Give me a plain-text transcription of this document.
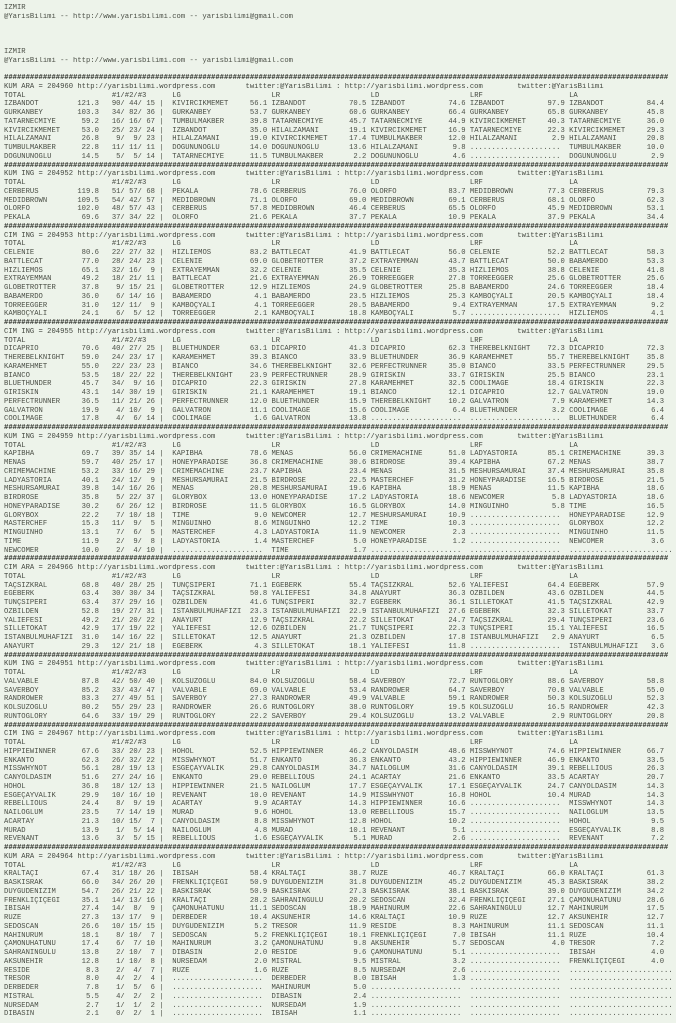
IZMIR
@YarisBilimi -- http://www.yarisbilimi.com -- yarisbilimi@gmail.com
IZMIR
@YarisBilimi -- http://www.yarisbilimi.com -- yarisbilimi@gmail.com
##########################################################################################################################################################
KUM ARA = 204960 http://yarisbilimi.wordpress.com       twitter:@YarisBilimi : http://yarisbilimi.wordpress.com        twitter:@YarisBilimi
TOTAL                    #1/#2/#3      LG                     LR                     LD                     LRF                    LA
IZBANDOT         121.3   90/ 44/ 15 |  KIVIRCIKMEMET     56.1 IZBANDOT          70.5 IZBANDOT          74.6 IZBANDOT          97.9 IZBANDOT          84.4
GÜRKANBEY        103.3   34/ 82/ 36 |  GÜRKANBEY         53.7 GÜRKANBEY         60.6 GÜRKANBEY         66.4 GÜRKANBEY         65.8 GÜRKANBEY         45.8
TATARNECMIYE      59.2   16/ 16/ 67 |  TUMBULMAKBER      39.8 TATARNECMIYE      45.7 TATARNECMIYE      44.9 KIVIRCIKMEMET     40.3 TATARNECMIYE      36.0
KIVIRCIKMEMET     53.0   25/ 23/ 24 |  IZBANDOT          35.0 HILALZAMANI       19.1 KIVIRCIKMEMET     16.9 TATARNECMIYE      22.3 KIVIRCIKMEMET     29.3
HILALZAMANI       26.8    9/  9/ 23 |  HILALZAMANI       19.0 KIVIRCIKMEMET     17.4 TUMBULMAKBER      12.0 HILALZAMANI        2.9 HILALZAMANI       20.8
TUMBULMAKBER      22.8   11/ 11/ 11 |  DOGUNUNOGLU       14.0 DOGUNUNOGLU       13.6 HILALZAMANI        9.8 .....................  TUMBULMAKBER      10.0
DOGUNUNOGLU       14.5    5/  5/ 14 |  TATARNECMIYE      11.5 TUMBULMAKBER       2.2 DOGUNUNOGLU        4.6 .....................  DOGUNUNOGLU        2.9
##########################################################################################################################################################
KUM ING = 204952 http://yarisbilimi.wordpress.com       twitter:@YarisBilimi : http://yarisbilimi.wordpress.com        twitter:@YarisBilimi
TOTAL                    #1/#2/#3      LG                     LR                     LD                     LRF                    LA
CERBERUS         119.8   51/ 57/ 68 |  PEKALA            78.6 CERBERUS          76.0 OLORFO            83.7 MEDIDBROWN        77.3 CERBERUS          79.3
MEDIDBROWN       109.5   54/ 42/ 57 |  MEDIDBROWN        71.1 OLORFO            69.0 MEDIDBROWN        69.1 CERBERUS          68.1 OLORFO            62.3
OLORFO           102.0   48/ 57/ 43 |  CERBERUS          57.8 MEDIDBROWN        46.4 CERBERUS          65.5 OLORFO            45.9 MEDIDBROWN        53.1
PEKALA            69.6   37/ 34/ 22 |  OLORFO            21.6 PEKALA            37.7 PEKALA            10.9 PEKALA            37.9 PEKALA            34.4
##########################################################################################################################################################
CIM ING = 204953 http://yarisbilimi.wordpress.com       twitter:@YarisBilimi : http://yarisbilimi.wordpress.com        twitter:@YarisBilimi
TOTAL                    #1/#2/#3      LG                     LR                     LD                     LRF                    LA
CELENIE           80.6   22/ 27/ 32 |  HIZLIEMOS         83.2 BATTLECAT         41.9 BATTLECAT         56.0 CELENIE           52.2 BATTLECAT         58.3
BATTLECAT         77.0   28/ 24/ 23 |  CELENIE           69.0 GLOBETROTTER      37.2 EXTRAYEMMAN       43.7 BATTLECAT         50.0 BABAMERDO         53.3
HIZLIEMOS         65.1   32/ 16/  9 |  EXTRAYEMMAN       32.2 CELENIE           35.5 CELENIE           35.3 HIZLIEMOS         38.8 CELENIE           41.8
EXTRAYEMMAN       49.2   18/ 21/ 11 |  BATTLECAT         21.6 EXTRAYEMMAN       26.9 TORREEGGER        27.8 TORREEGGER        25.6 GLOBETROTTER      25.6
GLOBETROTTER      37.8    9/ 15/ 21 |  GLOBETROTTER      12.9 HIZLIEMOS         24.9 GLOBETROTTER      25.8 BABAMERDO         24.6 TORREEGGER        18.4
BABAMERDO         36.0    6/ 14/ 16 |  BABAMERDO          4.1 BABAMERDO         23.5 HIZLIEMOS         25.3 KAMBOÇYALI        20.5 KAMBOÇYALI        18.4
TORREEGGER        31.0   12/ 11/  9 |  KAMBOÇYALI         4.1 TORREEGGER        20.5 BABAMERDO          9.4 EXTRAYEMMAN       17.5 EXTRAYEMMAN        9.2
KAMBOÇYALI        24.1    6/  5/ 12 |  TORREEGGER         2.1 KAMBOÇYALI        18.8 KAMBOÇYALI         5.7 .....................  HIZLIEMOS          4.1
##########################################################################################################################################################
CIM ING = 204955 http://yarisbilimi.wordpress.com       twitter:@YarisBilimi : http://yarisbilimi.wordpress.com        twitter:@YarisBilimi
TOTAL                    #1/#2/#3      LG                     LR                     LD                     LRF                    LA
DICAPRIO          70.6   40/ 27/ 25 |  BLUETHUNDER       63.1 DICAPRIO          41.3 DICAPRIO          62.3 THEREBELKNIGHT    72.3 DICAPRIO          72.3
THEREBELKNIGHT    59.0   24/ 23/ 17 |  KARAMEHMET        39.3 BIANCO            33.9 BLUETHUNDER       36.9 KARAMEHMET        55.7 THEREBELKNIGHT    35.8
KARAMEHMET        55.0   22/ 23/ 23 |  BIANCO            34.6 THEREBELKNIGHT    32.6 PERFECTRUNNER     35.0 BIANCO            33.5 PERFECTRUNNER     29.5
BIANCO            53.5   18/ 22/ 22 |  THEREBELKNIGHT    23.9 PERFECTRUNNER     28.9 GIRISKIN          33.7 GIRISKIN          25.5 BIANCO            23.1
BLUETHUNDER       45.7   34/  9/ 16 |  DICAPRIO          22.3 GIRISKIN          27.8 KARAMEHMET        32.5 COOLIMAGE         18.4 GIRISKIN          22.3
GIRISKIN          43.1   14/ 30/ 19 |  GIRISKIN          21.1 KARAMEHMET        19.1 BIANCO            12.1 DICAPRIO          12.7 GALVATRON         19.0
PERFECTRUNNER     36.5   11/ 21/ 26 |  PERFECTRUNNER     12.0 BLUETHUNDER       15.9 THEREBELKNIGHT    10.2 GALVATRON          7.9 KARAMEHMET        14.3
GALVATRON         19.9    4/ 10/  9 |  GALVATRON         11.1 COOLIMAGE         15.6 COOLIMAGE          6.4 BLUETHUNDER        3.2 COOLIMAGE          6.4
COOLIMAGE         17.8    4/  6/ 14 |  COOLIMAGE          1.6 GALVATRON         13.8 .....................  .....................  BLUETHUNDER        6.4
##########################################################################################################################################################
KUM ING = 204959 http://yarisbilimi.wordpress.com       twitter:@YarisBilimi : http://yarisbilimi.wordpress.com        twitter:@YarisBilimi
TOTAL                    #1/#2/#3      LG                     LR                     LD                     LRF                    LA
KAPIBHA           69.7   39/ 35/ 14 |  KAPIBHA           78.6 MENAS             56.0 CRIMEMACHINE      51.0 LADYASTORIA       85.1 CRIMEMACHINE      39.3
MENAS             59.7   40/ 25/ 17 |  HONEYPARADISE     36.8 CRIMEMACHINE      30.6 BIRDROSE          39.4 KAPIBHA           67.2 MENAS             38.7
CRIMEMACHINE      53.2   33/ 16/ 29 |  CRIMEMACHINE      23.7 KAPIBHA           23.4 MENAS             31.5 MESHURSAMURAI     37.4 MESHURSAMURAI     35.8
LADYASTORIA       40.1   24/ 12/  9 |  MESHURSAMURAI     21.5 BIRDROSE          22.5 MASTERCHEF        31.2 HONEYPARADISE     16.5 BIRDROSE          21.5
MESHURSAMURAI     39.8   14/ 16/ 26 |  MENAS             20.8 MESHURSAMURAI     19.6 KAPIBHA           18.9 MENAS             11.5 KAPIBHA           18.6
BIRDROSE          35.8    5/ 22/ 37 |  GLORYBOX          13.0 HONEYPARADISE     17.2 LADYASTORIA       18.6 NEWCOMER           5.8 LADYASTORIA       18.6
HONEYPARADISE     30.2    6/ 26/ 12 |  BIRDROSE          11.5 GLORYBOX          16.5 GLORYBOX          14.0 MINGUINHO          5.8 TIME              16.5
GLORYBOX          22.2    7/ 10/ 18 |  TIME               9.0 NEWCOMER          12.7 MESHURSAMURAI     10.9 .....................  HONEYPARADISE     12.9
MASTERCHEF        15.3   11/  9/  5 |  MINGUINHO          8.6 MINGUINHO         12.2 TIME              10.3 .....................  GLORYBOX          12.2
MINGUINHO         13.1    7/  6/  5 |  MASTERCHEF         4.3 LADYASTORIA       11.9 NEWCOMER           2.3 .....................  MINGUINHO         11.5
TIME              11.9    2/  9/  8 |  LADYASTORIA        1.4 MASTERCHEF         5.0 HONEYPARADISE      1.2 .....................  NEWCOMER           3.6
NEWCOMER          10.0    2/  4/ 10 |  .....................  TIME               1.7 .....................  .....................  ........................
##########################################################################################################################################################
CIM ARA = 204966 http://yarisbilimi.wordpress.com       twitter:@YarisBilimi : http://yarisbilimi.wordpress.com        twitter:@YarisBilimi
TOTAL                    #1/#2/#3      LG                     LR                     LD                     LRF                    LA
TAÇSIZKRAL        68.8   40/ 28/ 25 |  TUNÇSIPERI        71.1 EGEBERK           55.4 TAÇSIZKRAL        52.6 YALIEFESI         64.4 EGEBERK           57.9
EGEBERK           63.4   30/ 30/ 34 |  TAÇSIZKRAL        50.8 YALIEFESI         34.8 ANAYURT           36.3 ÖZBILDEN          43.6 ÖZBILDEN          44.5
TUNÇSIPERI        63.4   37/ 29/ 16 |  ÖZBILDEN          41.6 TUNÇSIPERI        32.7 EGEBERK           36.1 SILLETOKAT        41.5 TAÇSIZKRAL        42.9
ÖZBILDEN          52.8   19/ 27/ 31 |  ISTANBULMUHAFIZI  23.3 ISTANBULMUHAFIZI  22.9 ISTANBULMUHAFIZI  27.6 EGEBERK           32.3 SILLETOKAT        33.7
YALIEFESI         49.2   21/ 20/ 22 |  ANAYURT           12.9 TAÇSIZKRAL        22.2 SILLETOKAT        24.7 TAÇSIZKRAL        29.4 TUNÇSIPERI        23.6
SILLETOKAT        42.9   17/ 19/ 22 |  YALIEFESI         12.6 ÖZBILDEN          21.7 TUNÇSIPERI        22.3 TUNÇSIPERI        15.1 YALIEFESI         16.5
ISTANBULMUHAFIZI  31.0   14/ 16/ 22 |  SILLETOKAT        12.5 ANAYURT           21.3 ÖZBILDEN          17.8 ISTANBULMUHAFIZI   2.9 ANAYURT            6.5
ANAYURT           29.3   12/ 21/ 18 |  EGEBERK            4.3 SILLETOKAT        18.1 YALIEFESI         11.8 .....................  ISTANBULMUHAFIZI   3.6
##########################################################################################################################################################
KUM ING = 204951 http://yarisbilimi.wordpress.com       twitter:@YarisBilimi : http://yarisbilimi.wordpress.com        twitter:@YarisBilimi
TOTAL                    #1/#2/#3      LG                     LR                     LD                     LRF                    LA
VALVABLE          87.8   42/ 50/ 40 |  KOLSUZOGLU        84.0 KOLSUZOGLU        58.4 SAVERBOY          72.7 RUNTOGLORY        88.6 SAVERBOY          58.8
SAVERBOY          85.2   33/ 43/ 47 |  VALVABLE          69.0 VALVABLE          53.4 RANDROWER         64.7 SAVERBOY          70.8 VALVABLE          55.0
RANDROWER         83.3   27/ 49/ 51 |  SAVERBOY          27.3 RANDROWER         49.9 VALVABLE          59.1 RANDROWER         50.3 KOLSUZOGLU        52.3
KOLSUZOGLU        80.2   55/ 29/ 23 |  RANDROWER         26.6 RUNTOGLORY        38.0 RUNTOGLORY        19.5 KOLSUZOGLU        16.5 RANDROWER         42.3
RUNTOGLORY        64.6   33/ 19/ 29 |  RUNTOGLORY        22.2 SAVERBOY          29.4 KOLSUZOGLU        13.2 VALVABLE           2.9 RUNTOGLORY        20.8
##########################################################################################################################################################
CIM ING = 204967 http://yarisbilimi.wordpress.com       twitter:@YarisBilimi : http://yarisbilimi.wordpress.com        twitter:@YarisBilimi
TOTAL                    #1/#2/#3      LG                     LR                     LD                     LRF                    LA
HIPPIEWINNER      67.6   33/ 20/ 23 |  HOHOL             52.5 HIPPIEWINNER      46.2 CANYOLDASIM       48.6 MISSWHYNOT        74.6 HIPPIEWINNER      66.7
ENKANTO           62.3   26/ 32/ 22 |  MISSWHYNOT        51.7 ENKANTO           36.3 ENKANTO           43.2 HIPPIEWINNER      46.9 ENKANTO           33.5
MISSWHYNOT        56.1   28/ 19/ 13 |  ESGEÇAYVALIK      29.8 CANYOLDASIM       34.7 NAILOGLUM         31.6 CANYOLDASIM       39.1 REBELLIOUS        26.3
CANYOLDASIM       51.6   27/ 24/ 16 |  ENKANTO           29.0 REBELLIOUS        24.1 ACARTAY           21.6 ENKANTO           33.5 ACARTAY           20.7
HOHOL             36.8   18/ 12/ 13 |  HIPPIEWINNER      21.5 NAILOGLUM         17.7 ESGEÇAYVALIK      17.1 ESGEÇAYVALIK      24.7 CANYOLDASIM       14.3
ESGEÇAYVALIK      29.9   10/ 16/ 10 |  REVENANT          10.0 REVENANT          14.9 MISSWHYNOT        16.8 HOHOL             10.4 MURAD             14.3
REBELLIOUS        24.4    8/  9/ 19 |  ACARTAY            9.9 ACARTAY           14.3 HIPPIEWINNER      16.6 .....................  MISSWHYNOT        14.3
NAILOGLUM         23.5    7/ 14/ 19 |  MURAD              9.6 HOHOL             13.0 REBELLIOUS        15.7 .....................  NAILOGLUM         13.5
ACARTAY           21.3   10/ 15/  7 |  CANYOLDASIM        8.8 MISSWHYNOT        12.8 HOHOL             10.2 .....................  HOHOL              9.5
MURAD             13.9    1/  5/ 14 |  NAILOGLUM          4.8 MURAD             10.1 REVENANT           5.1 .....................  ESGEÇAYVALIK       8.8
REVENANT          13.6    3/  5/ 15 |  REBELLIOUS         1.6 ESGEÇAYVALIK       5.1 MURAD              2.6 .....................  REVENANT           7.2
##########################################################################################################################################################
KUM ARA = 204964 http://yarisbilimi.wordpress.com       twitter:@YarisBilimi : http://yarisbilimi.wordpress.com        twitter:@YarisBilimi
TOTAL                    #1/#2/#3      LG                     LR                     LD                     LRF                    LA
KRALTAÇI          67.4   31/ 18/ 26 |  IBISAH            58.4 KRALTAÇI          38.7 RUZE              46.7 KRALTAÇI          66.0 KRALTAÇI          61.3
BASKISRAK         66.0   34/ 26/ 20 |  FRENKLIÇIÇEGI     50.9 DUYGUDENIZIM      31.8 DUYGUDENIZIM      45.2 DUYGUDENIZIM      45.3 BASKISRAK         38.2
DUYGUDENIZIM      54.7   26/ 21/ 22 |  BASKISRAK         50.9 BASKISRAK         27.3 BASKISRAK         38.1 BASKISRAK         39.0 DUYGUDENIZIM      34.2
FRENKLIÇIÇEGI     35.1   14/ 13/ 16 |  KRALTAÇI          28.2 SAHRANINGÜLÜ      20.2 SEDOSCAN          32.4 FRENKLIÇIÇEGI     27.1 ÇAMÖNÜHATUNU      28.6
IBISAH            27.4   14/  8/  9 |  ÇAMÖNÜHATUNU      11.1 SEDOSCAN          18.9 MAHINURUM         22.6 SAHRANINGÜLÜ      12.7 MAHINURUM         17.5
RUZE              27.3   13/ 17/  9 |  DERBEDER          10.4 AKSUNEHIR         14.6 KRALTAÇI          10.9 RUZE              12.7 AKSUNEHIR         12.7
SEDOSCAN          26.6   10/ 15/ 15 |  DUYGUDENIZIM       5.2 TRESOR            11.9 RESIDE             8.3 MAHINURUM         11.1 SEDOSCAN          11.1
MAHINURUM         18.1    8/ 10/  7 |  SEDOSCAN           5.2 FRENKLIÇIÇEGI     10.1 FRENKLIÇIÇEGI      7.0 IBISAH            11.1 RUZE              10.4
ÇAMÖNÜHATUNU      17.4    6/  7/ 10 |  MAHINURUM          3.2 ÇAMÖNÜHATUNU       9.8 AKSUNEHIR          5.7 SEDOSCAN           4.0 TRESOR             7.2
SAHRANINGÜLÜ      13.8    2/ 10/  7 |  DIBASIN            2.0 RESIDE             9.6 ÇAMÖNÜHATUNU       5.1 .....................  IBISAH             4.0
AKSUNEHIR         12.8    1/ 10/  8 |  NURSEDAM           2.0 MISTRAL            9.5 MISTRAL            3.2 .....................  FRENKLIÇIÇEGI      4.0
RESIDE             8.3    2/  4/  7 |  RUZE               1.6 RUZE               8.5 NURSEDAM           2.6 .....................  ........................
TRESOR             8.0    4/  2/  4 |  .....................  DERBEDER           8.0 IBISAH             1.3 .....................  ........................
DERBEDER           7.8    1/  5/  6 |  .....................  MAHINURUM          5.0 .....................  .....................  ........................
MISTRAL            5.5    4/  2/  2 |  .....................  DIBASIN            2.4 .....................  .....................  ........................
NURSEDAM           2.7    1/  1/  2 |  .....................  NURSEDAM           1.9 .....................  .....................  ........................
DIBASIN            2.1    0/  2/  1 |  .....................  IBISAH             1.1 .....................  .....................  ........................
